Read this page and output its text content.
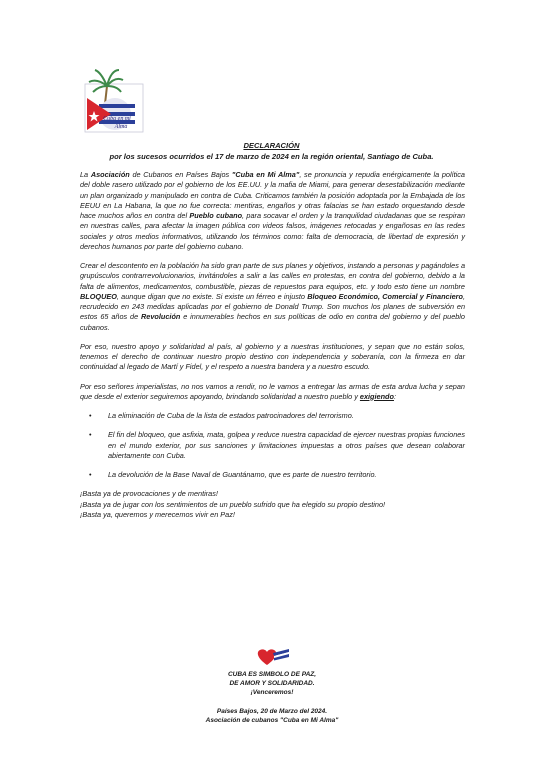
Cuba en mi
Alma
DECLARACIÓN
por los sucesos ocurridos el 17 de marzo de 2024 en la región oriental, Santiago de Cuba.

La Asociación de Cubanos en Países Bajos "Cuba en Mi Alma", se pronuncia y repudia enérgicamente la política del doble rasero utilizado por el gobierno de los EE.UU. y la mafia de Miami, para generar desestabilización mediante un plan organizado y manipulado en contra de Cuba. Criticamos también la posición adoptada por la Embajada de los EEUU en La Habana, la que no fue correcta: mentiras, engaños y otras falacias se han estado orquestando desde hace muchos años en contra del Pueblo cubano, para socavar el orden y la tranquilidad ciudadanas que se respiran en nuestras calles, para afectar la imagen pública con videos falsos, imágenes retocadas y engañosas en las redes sociales y otros medios informativos, utilizando los términos como: falta de democracia, de libertad de expresión y derechos humanos por parte del gobierno cubano.

Crear el descontento en la población ha sido gran parte de sus planes y objetivos, instando a personas y pagándoles a grupúsculos contrarrevolucionarios, invitándoles a salir a las calles en protestas, en contra del gobierno, debido a la falta de alimentos, medicamentos, combustible, piezas de repuestos para equipos, etc. y todo esto tiene un nombre BLOQUEO, aunque digan que no existe. Si existe un férreo e injusto Bloqueo Económico, Comercial y Financiero, recrudecido en 243 medidas aplicadas por el gobierno de Donald Trump. Son muchos los planes de subversión en estos 65 años de Revolución e innumerables hechos en sus políticas de odio en contra del gobierno y del pueblo cubanos.

Por eso, nuestro apoyo y solidaridad al país, al gobierno y a nuestras instituciones, y sepan que no están solos, tenemos el derecho de continuar nuestro propio destino con independencia y soberanía, con la firmeza en dar continuidad al legado de Martí y Fidel, y el respeto a nuestra bandera y a nuestro escudo.

Por eso señores imperialistas, no nos vamos a rendir, no le vamos a entregar las armas de esta ardua lucha y sepan que desde el exterior seguiremos apoyando, brindando solidaridad a nuestro pueblo y exigiendo:

• La eliminación de Cuba de la lista de estados patrocinadores del terrorismo.
• El fin del bloqueo, que asfixia, mata, golpea y reduce nuestra capacidad de ejercer nuestras propias funciones en el mundo exterior, por sus sanciones y limitaciones impuestas a otros países que desean colaborar abiertamente con Cuba.
• La devolución de la Base Naval de Guantánamo, que es parte de nuestro territorio.
¡Basta ya de provocaciones y de mentiras!
¡Basta ya de jugar con los sentimientos de un pueblo sufrido que ha elegido su propio destino!
¡Basta ya, queremos y merecemos vivir en Paz!
CUBA ES SIMBOLO DE PAZ,
DE AMOR Y SOLIDARIDAD.
¡Venceremos!
Países Bajos, 20 de Marzo del 2024.
Asociación de cubanos "Cuba en Mi Alma"
